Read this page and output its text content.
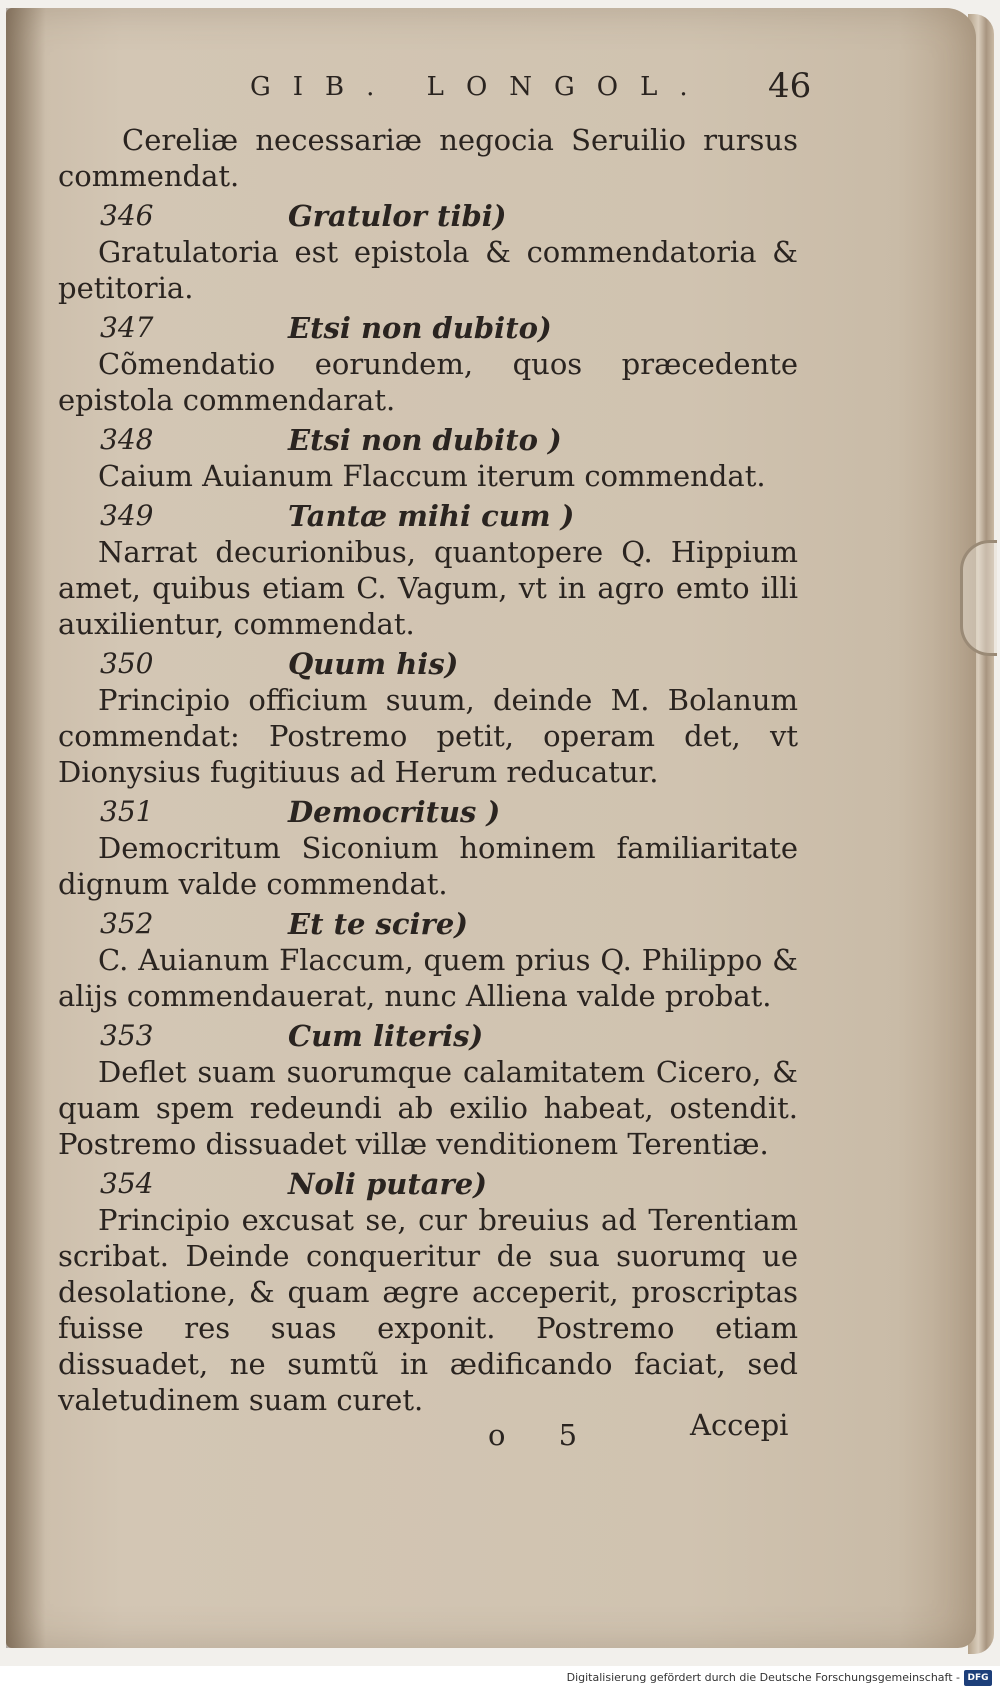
GIB. LONGOL. 46

Cereliæ necessariæ negocia Seruilio rursus commendat.

346	Gratulor tibi)

Gratulatoria est epistola & commendatoria & petitoria.

347	Etsi non dubito)

Cõmendatio eorundem, quos præcedente epistola commendarat.

348	Etsi non dubito )

Caium Auianum Flaccum iterum commendat.

349	Tantæ mihi cum )

Narrat decurionibus, quantopere Q. Hippium amet, quibus etiam C. Vagum, vt in agro emto illi auxilientur, commendat.

350	Quum his)

Principio officium suum, deinde M. Bolanum commendat: Postremo petit, operam det, vt Dionysius fugitiuus ad Herum reducatur.

351	Democritus )

Democritum Siconium hominem familiaritate dignum valde commendat.

352	Et te scire)

C. Auianum Flaccum, quem prius Q. Philippo & alijs commendauerat, nunc Alliena valde probat.

353	Cum literis)

Deflet suam suorumque calamitatem Cicero, & quam spem redeundi ab exilio habeat, ostendit. Postremo dissuadet villæ venditionem Terentiæ.

354	Noli putare)

Principio excusat se, cur breuius ad Terentiam scribat. Deinde conqueritur de sua suorumq ue desolatione, & quam ægre acceperit, proscriptas fuisse res suas exponit. Postremo etiam dissuadet, ne sumtũ in ædificando faciat, sed valetudinem suam curet.

o 5	Accepi
Digitalisierung gefördert durch die Deutsche Forschungsgemeinschaft - DFG
